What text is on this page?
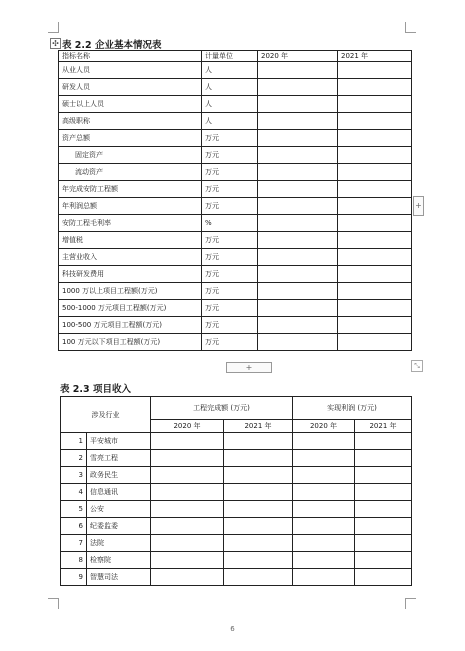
✣ 表 2.2 企业基本情况表
指标名称	计量单位	2020 年	2021 年
从业人员	人		
研发人员	人		
硕士以上人员	人		
高级职称	人		
资产总额	万元		
固定资产	万元		
流动资产	万元		
年完成安防工程额	万元		
年利润总额	万元		
安防工程毛利率	%		
增值税	万元		
主营业收入	万元		
科技研发费用	万元		
1000 万以上项目工程额(万元)	万元		
500-1000 万元项目工程额(万元)	万元		
100-500 万元项目工程额(万元)	万元		
100 万元以下项目工程额(万元)	万元		
+
+
⤡
表 2.3 项目收入
涉及行业		工程完成额 (万元)		实现利润 (万元)	
		2020 年	2021 年	2020 年	2021 年
1	平安城市				
2	雪亮工程				
3	政务民生				
4	信息通讯				
5	公安				
6	纪委监委				
7	法院				
8	检察院				
9	智慧司法				
6
